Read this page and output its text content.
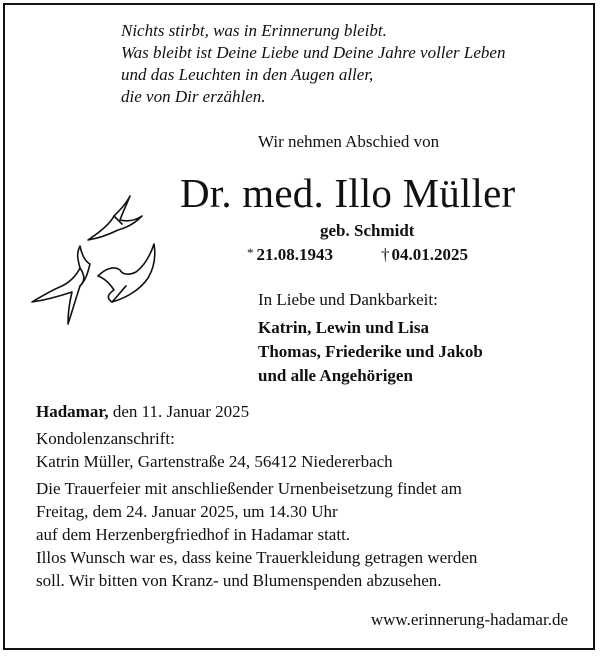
Nichts stirbt, was in Erinnerung bleibt.
Was bleibt ist Deine Liebe und Deine Jahre voller Leben
und das Leuchten in den Augen aller,
die von Dir erzählen.
Wir nehmen Abschied von
Dr. med. Illo Müller
geb. Schmidt
* 21.08.1943	† 04.01.2025
In Liebe und Dankbarkeit:
Katrin, Lewin und Lisa
Thomas, Friederike und Jakob
und alle Angehörigen
Hadamar, den 11. Januar 2025
Kondolenzanschrift:
Katrin Müller, Gartenstraße 24, 56412 Niedererbach
Die Trauerfeier mit anschließender Urnenbeisetzung findet am
Freitag, dem 24. Januar 2025, um 14.30 Uhr
auf dem Herzenbergfriedhof in Hadamar statt.
Illos Wunsch war es, dass keine Trauerkleidung getragen werden
soll. Wir bitten von Kranz- und Blumenspenden abzusehen.
www.erinnerung-hadamar.de
